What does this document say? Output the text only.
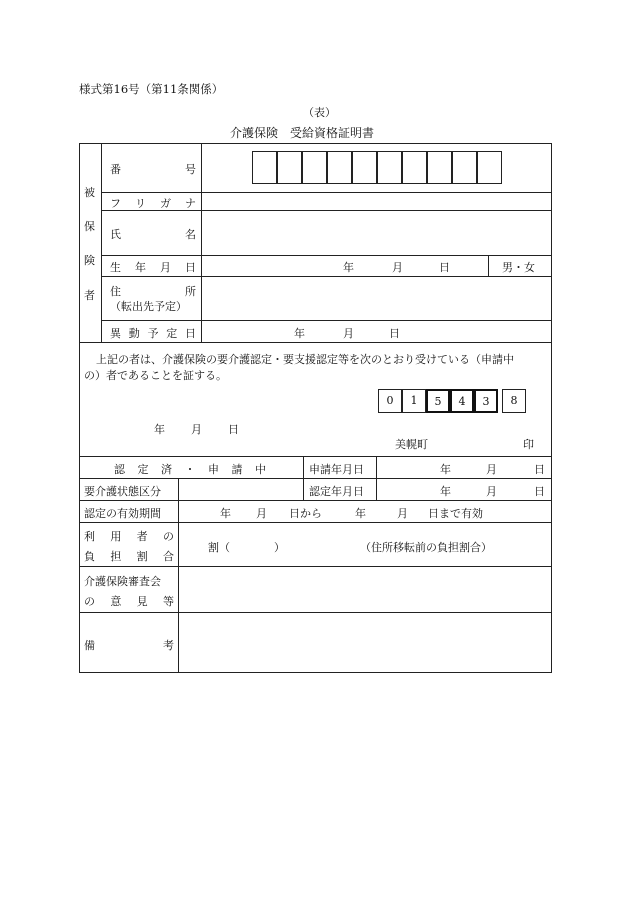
様式第16号（第11条関係）
（表）
介護保険　受給資格証明書
被
保
険
者
番	号
フ リ ガ ナ
氏	名
生 年 月 日	年	月	日	男・女
住	所
（転出先予定）
異 動 予 定 日	年	月	日
上記の者は、介護保険の要介護認定・要支援認定等を次のとおり受けている（申請中
の）者であることを証する。
0	1	5	4	3	8
年 月 日
美幌町	印
認 定 済 ・ 申 請 中	申請年月日	年	月	日
要介護状態区分	認定年月日	年	月	日
認定の有効期間	年 月 日から	年	月 日まで有効
利 用 者 の
負 担 割 合
割（　　　　）	（住所移転前の負担割合）
介護保険審査会
の 意 見 等
備	考
